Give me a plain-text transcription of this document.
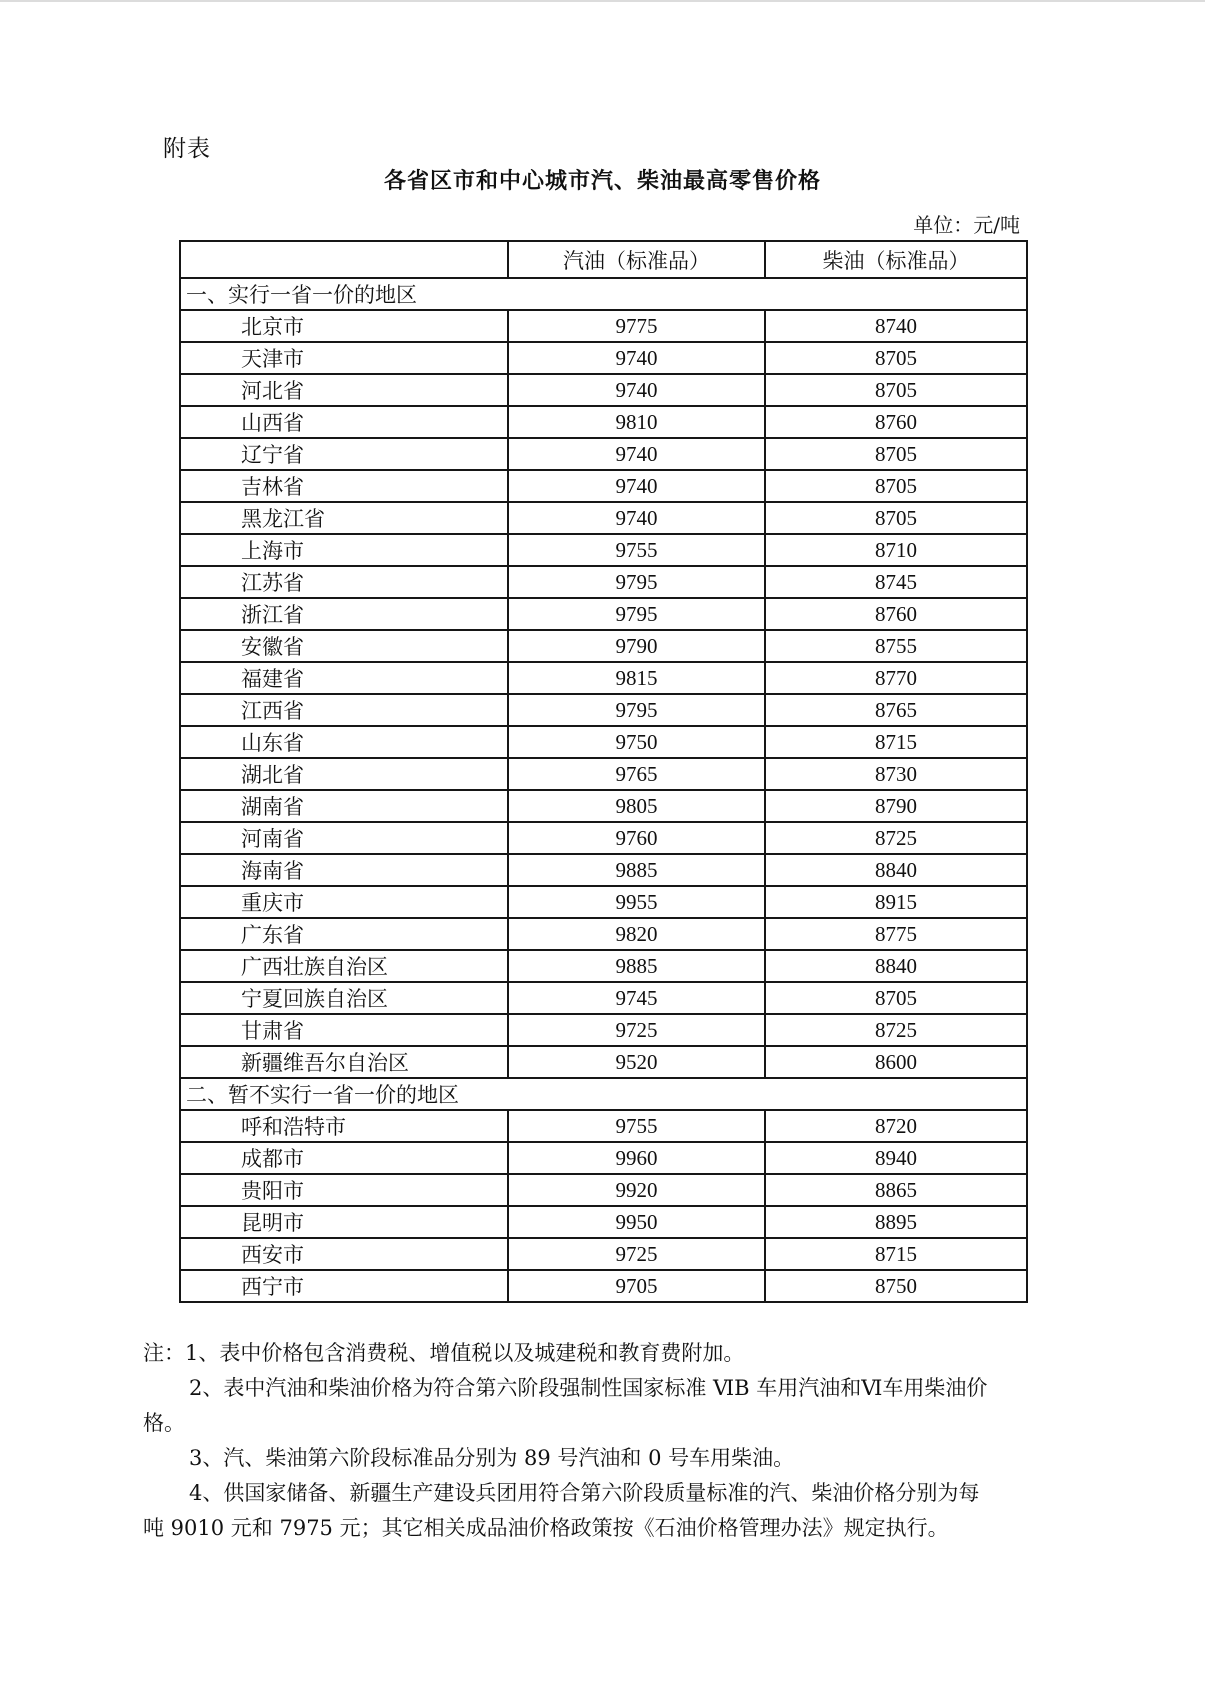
附表
各省区市和中心城市汽、柴油最高零售价格
单位：元/吨
	汽油（标准品）	柴油（标准品）
一、实行一省一价的地区		
北京市	9775	8740
天津市	9740	8705
河北省	9740	8705
山西省	9810	8760
辽宁省	9740	8705
吉林省	9740	8705
黑龙江省	9740	8705
上海市	9755	8710
江苏省	9795	8745
浙江省	9795	8760
安徽省	9790	8755
福建省	9815	8770
江西省	9795	8765
山东省	9750	8715
湖北省	9765	8730
湖南省	9805	8790
河南省	9760	8725
海南省	9885	8840
重庆市	9955	8915
广东省	9820	8775
广西壮族自治区	9885	8840
宁夏回族自治区	9745	8705
甘肃省	9725	8725
新疆维吾尔自治区	9520	8600
二、暂不实行一省一价的地区		
呼和浩特市	9755	8720
成都市	9960	8940
贵阳市	9920	8865
昆明市	9950	8895
西安市	9725	8715
西宁市	9705	8750
注：1、表中价格包含消费税、增值税以及城建税和教育费附加。
2、表中汽油和柴油价格为符合第六阶段强制性国家标准 ⅥB 车用汽油和Ⅵ车用柴油价
格。
3、汽、柴油第六阶段标准品分别为 89 号汽油和 0 号车用柴油。
4、供国家储备、新疆生产建设兵团用符合第六阶段质量标准的汽、柴油价格分别为每
吨 9010 元和 7975 元；其它相关成品油价格政策按《石油价格管理办法》规定执行。
